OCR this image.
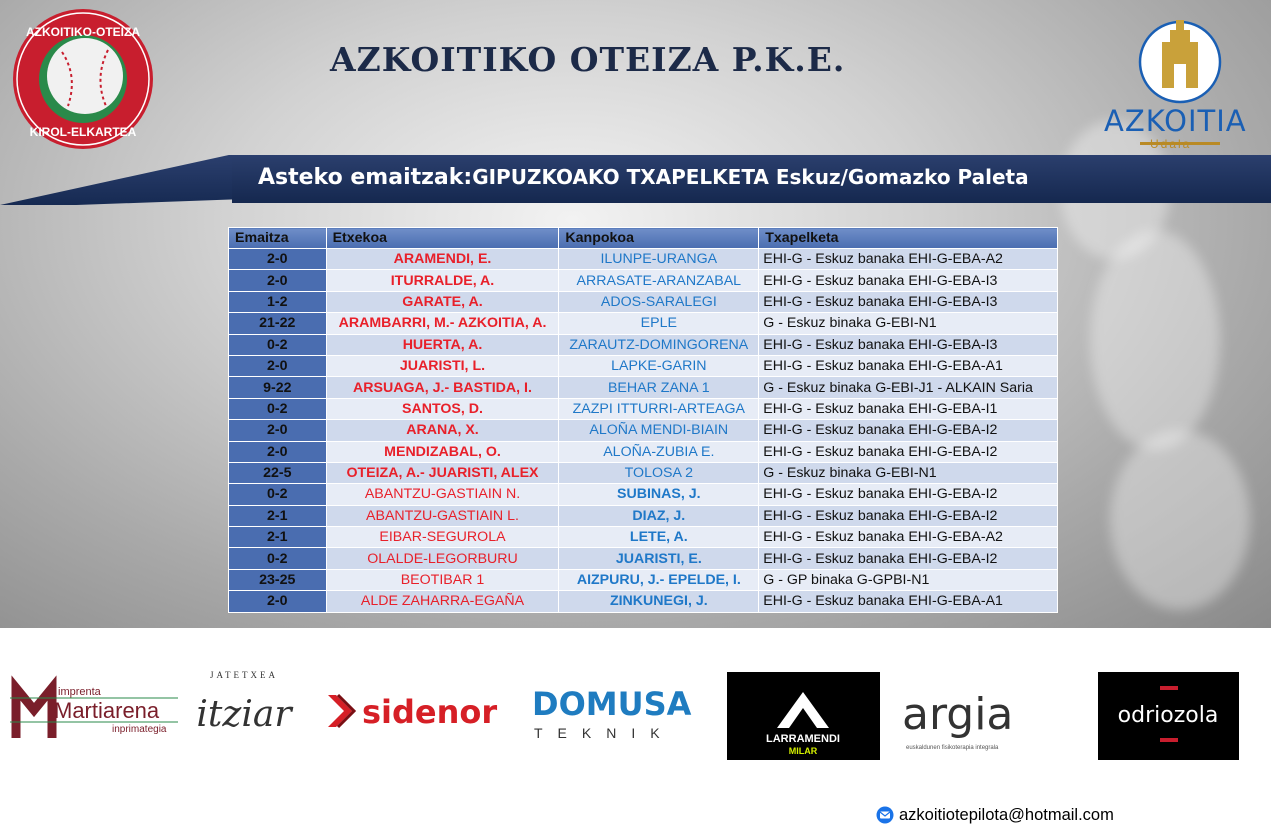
AZKOITIKO-OTEIZA
KIROL-ELKARTEA
AZKOITIKO OTEIZA P.K.E.
AZKOITIA
Udala
Asteko emaitzak:GIPUZKOAKO TXAPELKETA Eskuz/Gomazko Paleta
Emaitza	Etxekoa	Kanpokoa	Txapelketa
2-0	ARAMENDI, E.	ILUNPE-URANGA	EHI-G - Eskuz banaka EHI-G-EBA-A2
2-0	ITURRALDE, A.	ARRASATE-ARANZABAL	EHI-G - Eskuz banaka EHI-G-EBA-I3
1-2	GARATE, A.	ADOS-SARALEGI	EHI-G - Eskuz banaka EHI-G-EBA-I3
21-22	ARAMBARRI, M.- AZKOITIA, A.	EPLE	G - Eskuz binaka G-EBI-N1
0-2	HUERTA, A.	ZARAUTZ-DOMINGORENA	EHI-G - Eskuz banaka EHI-G-EBA-I3
2-0	JUARISTI, L.	LAPKE-GARIN	EHI-G - Eskuz banaka EHI-G-EBA-A1
9-22	ARSUAGA, J.- BASTIDA, I.	BEHAR ZANA 1	G - Eskuz binaka G-EBI-J1 - ALKAIN Saria
0-2	SANTOS, D.	ZAZPI ITTURRI-ARTEAGA	EHI-G - Eskuz banaka EHI-G-EBA-I1
2-0	ARANA, X.	ALOÑA MENDI-BIAIN	EHI-G - Eskuz banaka EHI-G-EBA-I2
2-0	MENDIZABAL, O.	ALOÑA-ZUBIA E.	EHI-G - Eskuz banaka EHI-G-EBA-I2
22-5	OTEIZA, A.- JUARISTI, ALEX	TOLOSA 2	G - Eskuz binaka G-EBI-N1
0-2	ABANTZU-GASTIAIN N.	SUBINAS, J.	EHI-G - Eskuz banaka EHI-G-EBA-I2
2-1	ABANTZU-GASTIAIN L.	DIAZ, J.	EHI-G - Eskuz banaka EHI-G-EBA-I2
2-1	EIBAR-SEGUROLA	LETE, A.	EHI-G - Eskuz banaka EHI-G-EBA-A2
0-2	OLALDE-LEGORBURU	JUARISTI, E.	EHI-G - Eskuz banaka EHI-G-EBA-I2
23-25	BEOTIBAR 1	AIZPURU, J.- EPELDE, I.	G - GP binaka G-GPBI-N1
2-0	ALDE ZAHARRA-EGAÑA	ZINKUNEGI, J.	EHI-G - Eskuz banaka EHI-G-EBA-A1
imprenta
Martiarena
inprimategia
JATETXEA
itziar sidenor DOMUSA
TEKNIK	LARRAMENDI
MILAR
argia
euskaldunen fisikoterapia integrala
odriozola
azkoitiotepilota@hotmail.com
